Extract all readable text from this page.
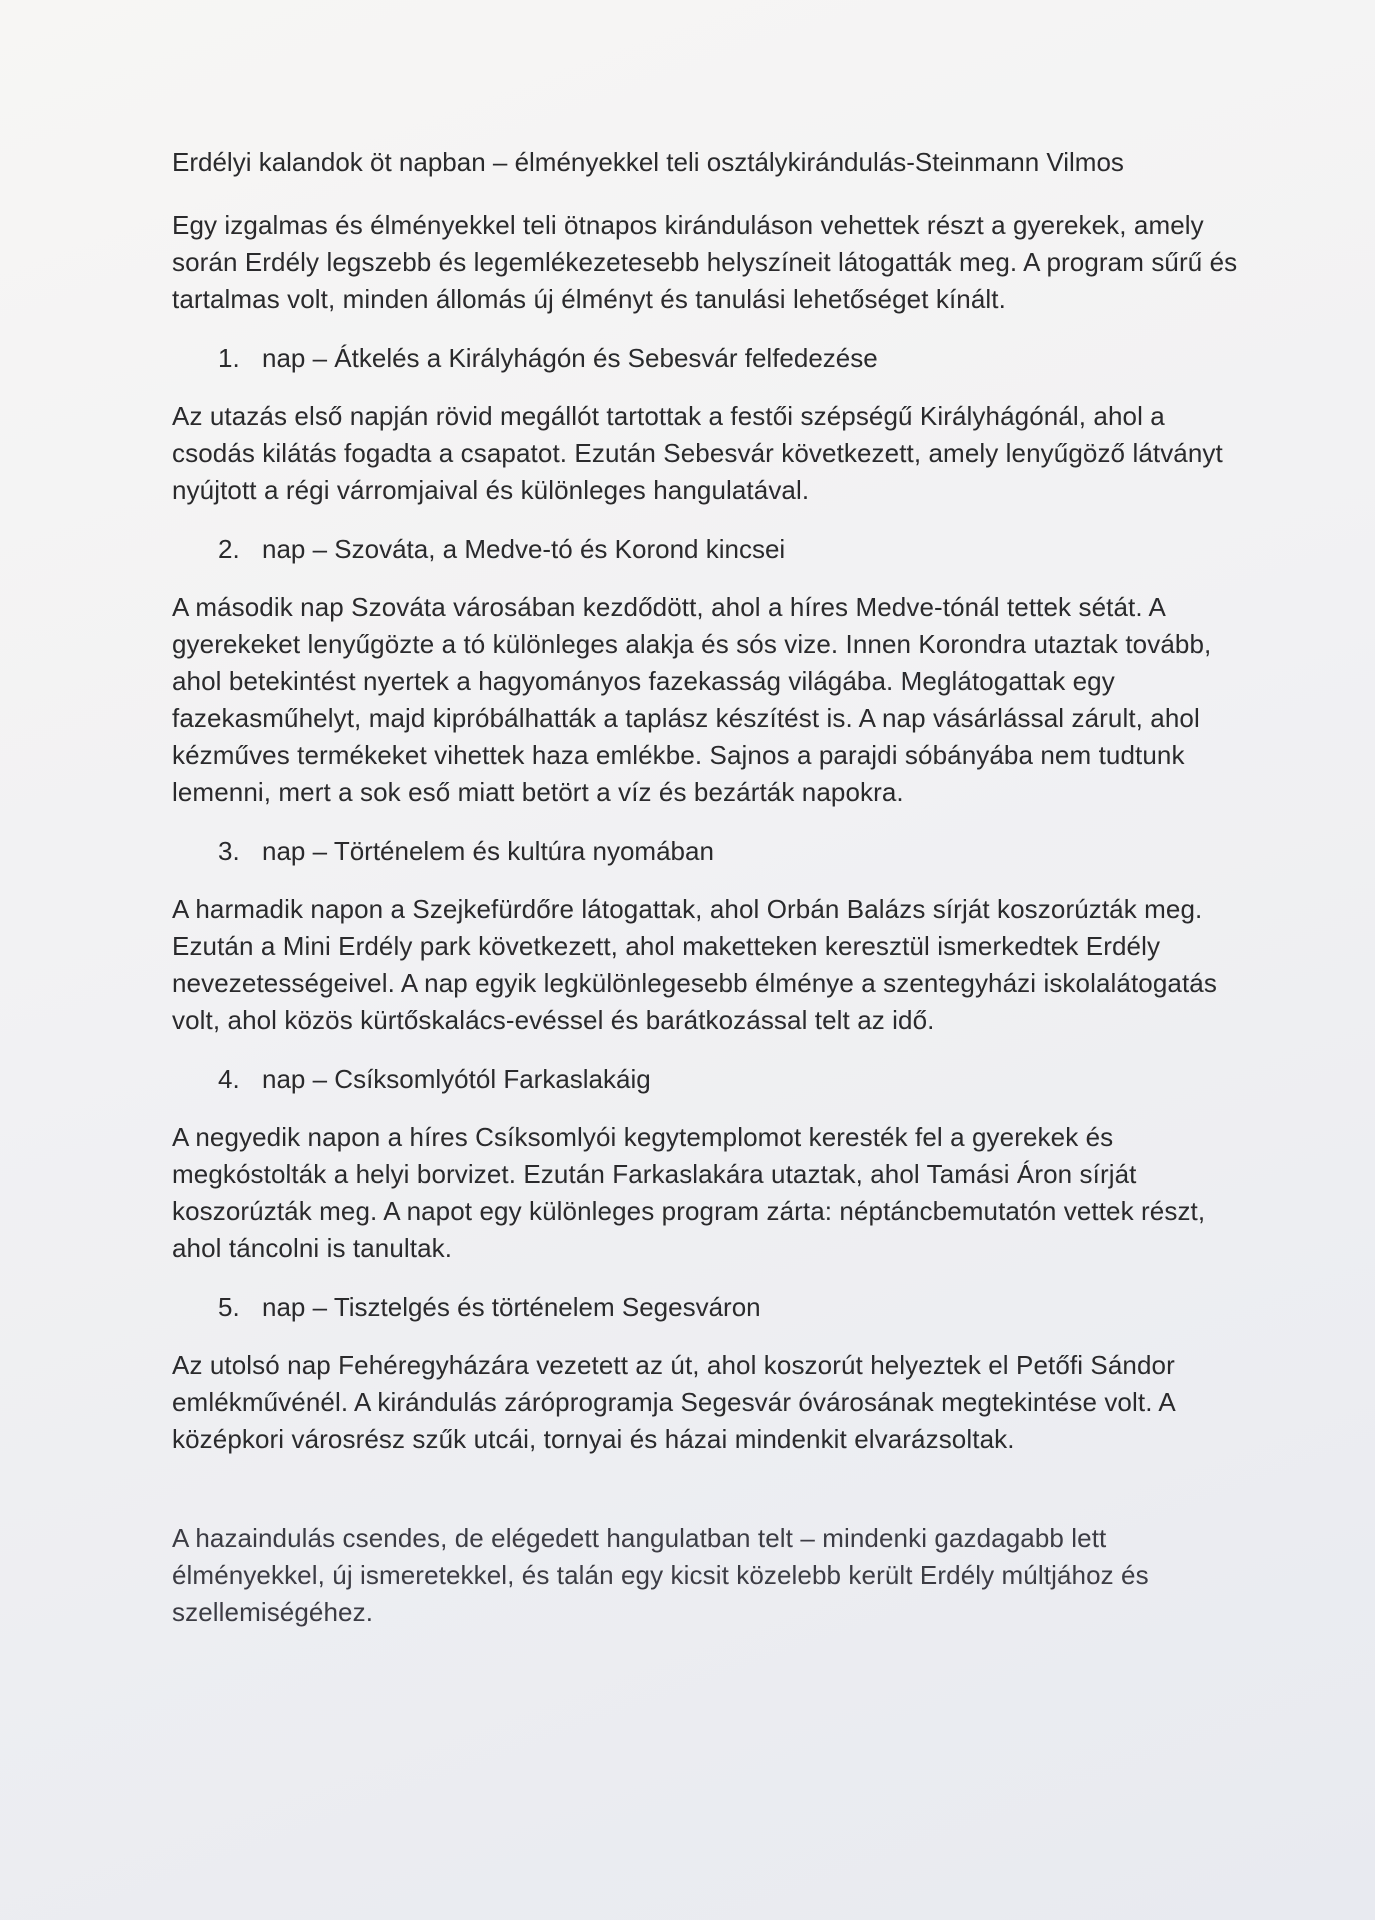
Erdélyi kalandok öt napban – élményekkel teli osztálykirándulás-Steinmann Vilmos

Egy izgalmas és élményekkel teli ötnapos kiránduláson vehettek részt a gyerekek, amely során Erdély legszebb és legemlékezetesebb helyszíneit látogatták meg. A program sűrű és tartalmas volt, minden állomás új élményt és tanulási lehetőséget kínált.

1. nap – Átkelés a Királyhágón és Sebesvár felfedezése

Az utazás első napján rövid megállót tartottak a festői szépségű Királyhágónál, ahol a csodás kilátás fogadta a csapatot. Ezután Sebesvár következett, amely lenyűgöző látványt nyújtott a régi várromjaival és különleges hangulatával.

2. nap – Szováta, a Medve-tó és Korond kincsei

A második nap Szováta városában kezdődött, ahol a híres Medve-tónál tettek sétát. A gyerekeket lenyűgözte a tó különleges alakja és sós vize. Innen Korondra utaztak tovább, ahol betekintést nyertek a hagyományos fazekasság világába. Meglátogattak egy fazekasműhelyt, majd kipróbálhatták a taplász készítést is. A nap vásárlással zárult, ahol kézműves termékeket vihettek haza emlékbe. Sajnos a parajdi sóbányába nem tudtunk lemenni, mert a sok eső miatt betört a víz és bezárták napokra.

3. nap – Történelem és kultúra nyomában

A harmadik napon a Szejkefürdőre látogattak, ahol Orbán Balázs sírját koszorúzták meg. Ezután a Mini Erdély park következett, ahol maketteken keresztül ismerkedtek Erdély nevezetességeivel. A nap egyik legkülönlegesebb élménye a szentegyházi iskolalátogatás volt, ahol közös kürtőskalács-evéssel és barátkozással telt az idő.

4. nap – Csíksomlyótól Farkaslakáig

A negyedik napon a híres Csíksomlyói kegytemplomot keresték fel a gyerekek és megkóstolták a helyi borvizet. Ezután Farkaslakára utaztak, ahol Tamási Áron sírját koszorúzták meg. A napot egy különleges program zárta: néptáncbemutatón vettek részt, ahol táncolni is tanultak.

5. nap – Tisztelgés és történelem Segesváron

Az utolsó nap Fehéregyházára vezetett az út, ahol koszorút helyeztek el Petőfi Sándor emlékművénél. A kirándulás záróprogramja Segesvár óvárosának megtekintése volt. A középkori városrész szűk utcái, tornyai és házai mindenkit elvarázsoltak.

A hazaindulás csendes, de elégedett hangulatban telt – mindenki gazdagabb lett élményekkel, új ismeretekkel, és talán egy kicsit közelebb került Erdély múltjához és szellemiségéhez.
